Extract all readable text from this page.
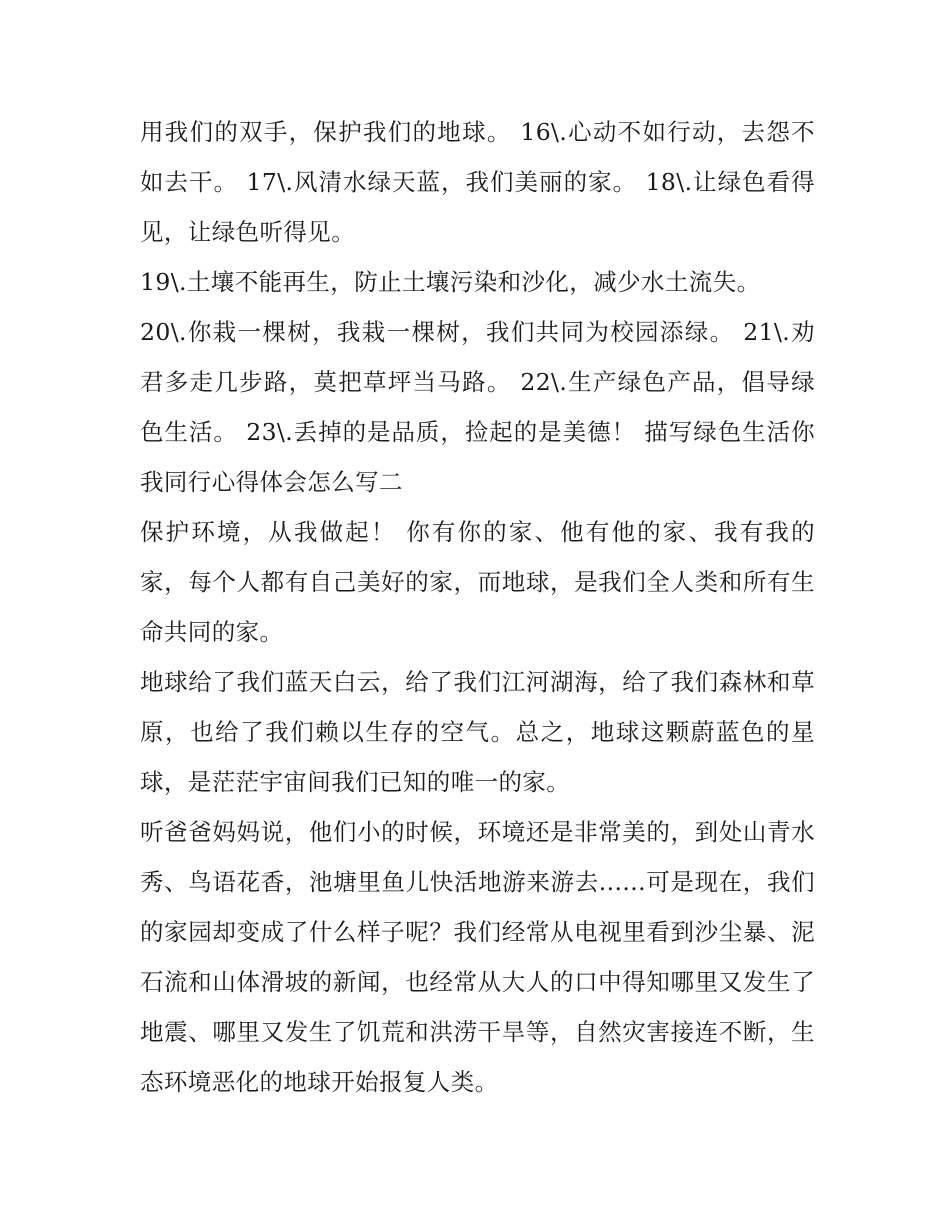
用我们的双手，保护我们的地球。 16\.心动不如行动，去怨不如去干。 17\.风清水绿天蓝，我们美丽的家。 18\.让绿色看得见，让绿色听得见。

19\.土壤不能再生，防止土壤污染和沙化，减少水土流失。

20\.你栽一棵树，我栽一棵树，我们共同为校园添绿。 21\.劝君多走几步路，莫把草坪当马路。 22\.生产绿色产品，倡导绿色生活。 23\.丢掉的是品质，捡起的是美德！ 描写绿色生活你我同行心得体会怎么写二

保护环境，从我做起！ 你有你的家、他有他的家、我有我的家，每个人都有自己美好的家，而地球，是我们全人类和所有生命共同的家。

地球给了我们蓝天白云，给了我们江河湖海，给了我们森林和草原，也给了我们赖以生存的空气。总之，地球这颗蔚蓝色的星球，是茫茫宇宙间我们已知的唯一的家。

听爸爸妈妈说，他们小的时候，环境还是非常美的，到处山青水秀、鸟语花香，池塘里鱼儿快活地游来游去......可是现在，我们的家园却变成了什么样子呢？我们经常从电视里看到沙尘暴、泥石流和山体滑坡的新闻，也经常从大人的口中得知哪里又发生了地震、哪里又发生了饥荒和洪涝干旱等，自然灾害接连不断，生态环境恶化的地球开始报复人类。
